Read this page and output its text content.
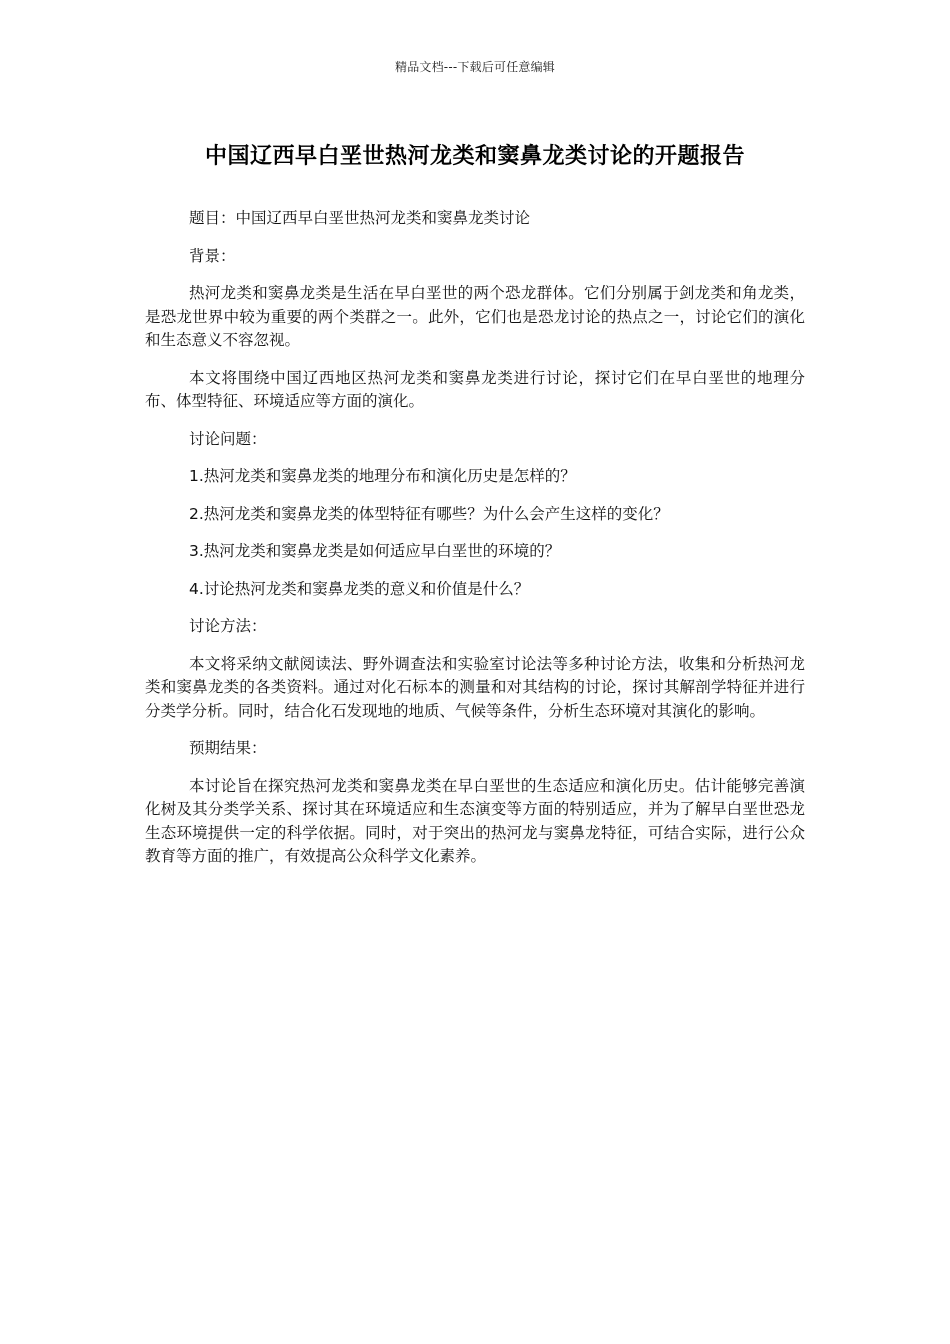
精品文档---下载后可任意编辑
中国辽西早白垩世热河龙类和窦鼻龙类讨论的开题报告

题目：中国辽西早白垩世热河龙类和窦鼻龙类讨论

背景：

热河龙类和窦鼻龙类是生活在早白垩世的两个恐龙群体。它们分别属于剑龙类和角龙类，是恐龙世界中较为重要的两个类群之一。此外，它们也是恐龙讨论的热点之一，讨论它们的演化和生态意义不容忽视。

本文将围绕中国辽西地区热河龙类和窦鼻龙类进行讨论，探讨它们在早白垩世的地理分布、体型特征、环境适应等方面的演化。

讨论问题：

1.热河龙类和窦鼻龙类的地理分布和演化历史是怎样的？

2.热河龙类和窦鼻龙类的体型特征有哪些？为什么会产生这样的变化？

3.热河龙类和窦鼻龙类是如何适应早白垩世的环境的？

4.讨论热河龙类和窦鼻龙类的意义和价值是什么？

讨论方法：

本文将采纳文献阅读法、野外调查法和实验室讨论法等多种讨论方法，收集和分析热河龙类和窦鼻龙类的各类资料。通过对化石标本的测量和对其结构的讨论，探讨其解剖学特征并进行分类学分析。同时，结合化石发现地的地质、气候等条件，分析生态环境对其演化的影响。

预期结果：

本讨论旨在探究热河龙类和窦鼻龙类在早白垩世的生态适应和演化历史。估计能够完善演化树及其分类学关系、探讨其在环境适应和生态演变等方面的特别适应，并为了解早白垩世恐龙生态环境提供一定的科学依据。同时，对于突出的热河龙与窦鼻龙特征，可结合实际，进行公众教育等方面的推广，有效提高公众科学文化素养。
